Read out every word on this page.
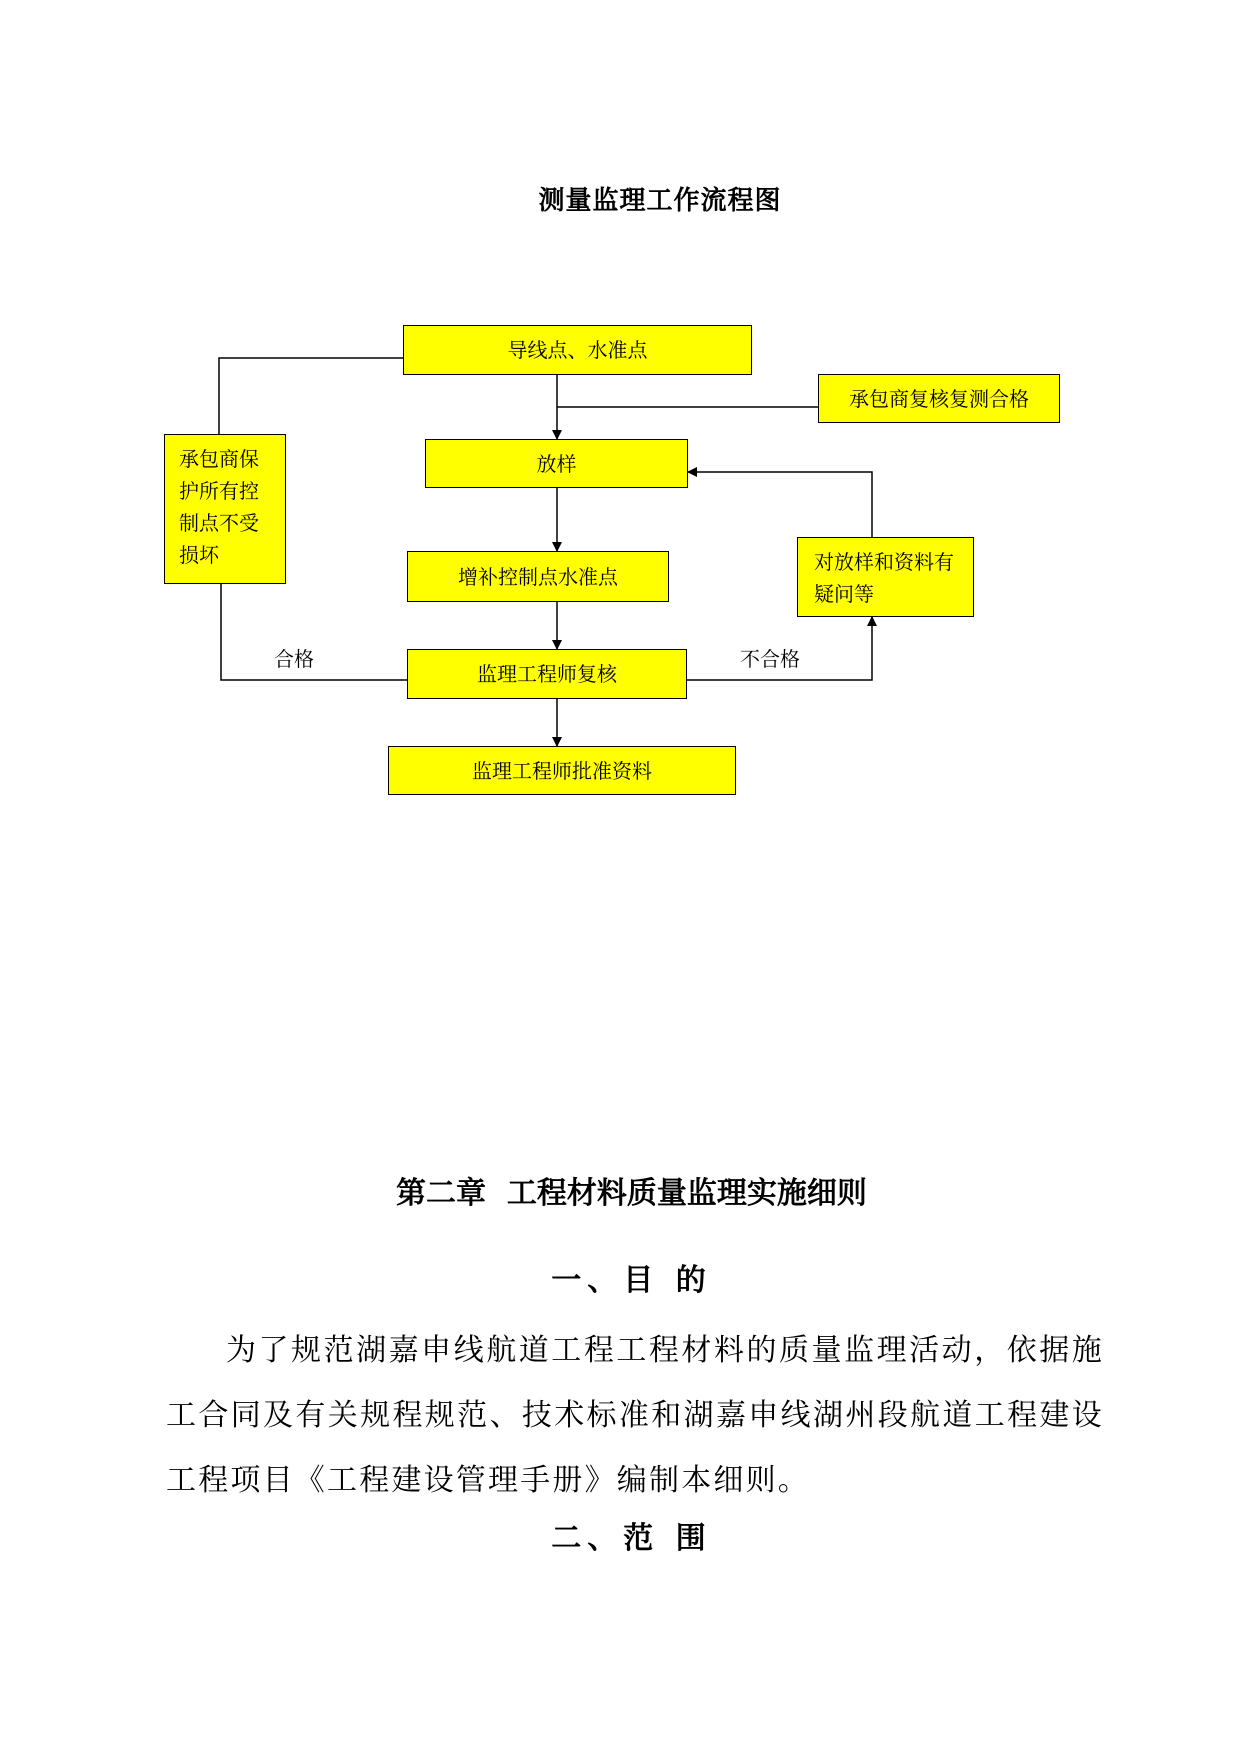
测量监理工作流程图
导线点、水准点
承包商复核复测合格
放样
承包商保护所有控制点不受损坏
增补控制点水准点
对放样和资料有疑问等
监理工程师复核
监理工程师批准资料
合格	不合格
第二章  工程材料质量监理实施细则
一、目 的
为了规范湖嘉申线航道工程工程材料的质量监理活动，依据施工合同及有关规程规范、技术标准和湖嘉申线湖州段航道工程建设工程项目《工程建设管理手册》编制本细则。
二、范 围
